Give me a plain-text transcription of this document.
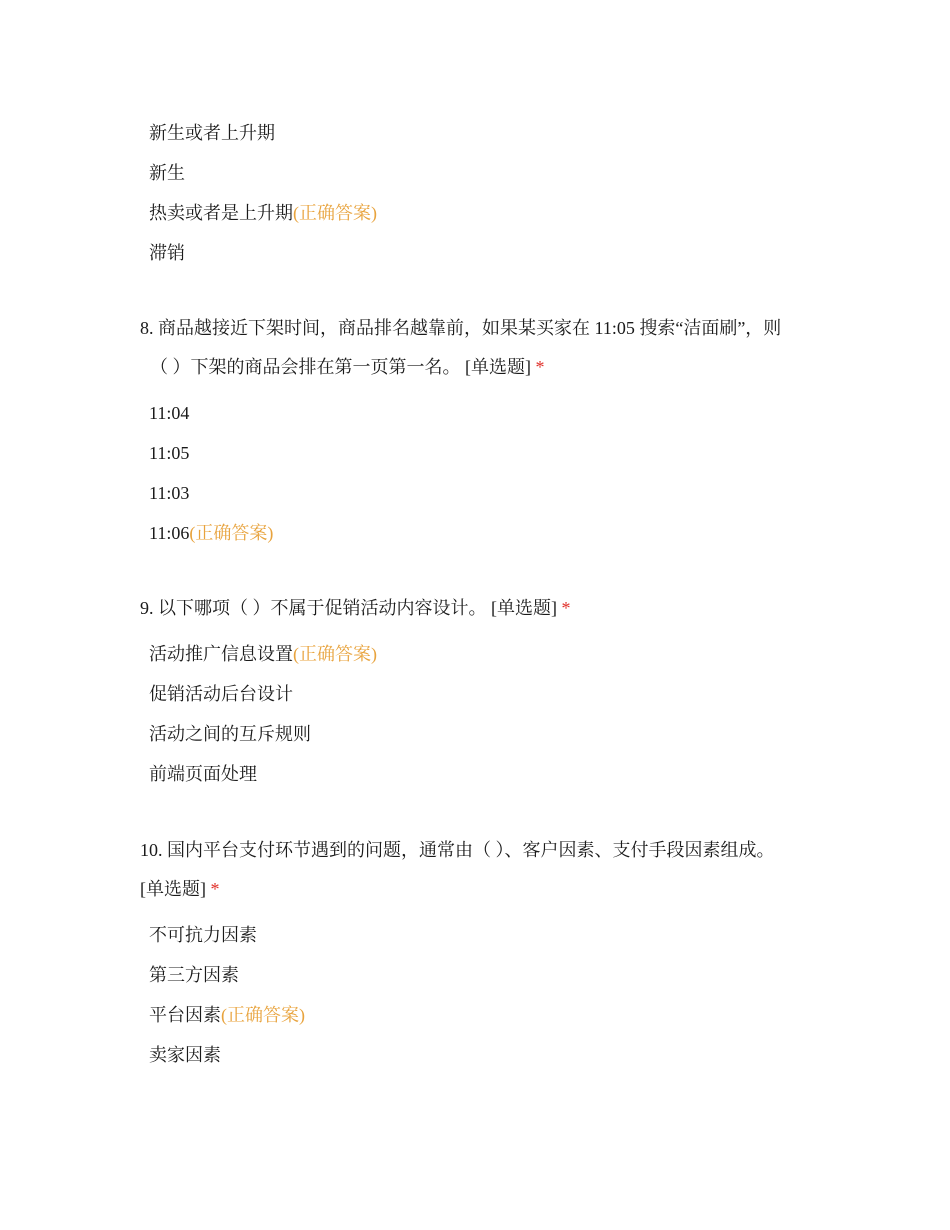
新生或者上升期
新生
热卖或者是上升期(正确答案)
滞销
8. 商品越接近下架时间，商品排名越靠前，如果某买家在 11:05 搜索“洁面刷”，则
（ ）下架的商品会排在第一页第一名。 [单选题] *
11:04
11:05
11:03
11:06(正确答案)
9. 以下哪项（ ）不属于促销活动内容设计。 [单选题] *
活动推广信息设置(正确答案)
促销活动后台设计
活动之间的互斥规则
前端页面处理
10. 国内平台支付环节遇到的问题，通常由（ ）、客户因素、支付手段因素组成。
[单选题] *
不可抗力因素
第三方因素
平台因素(正确答案)
卖家因素
